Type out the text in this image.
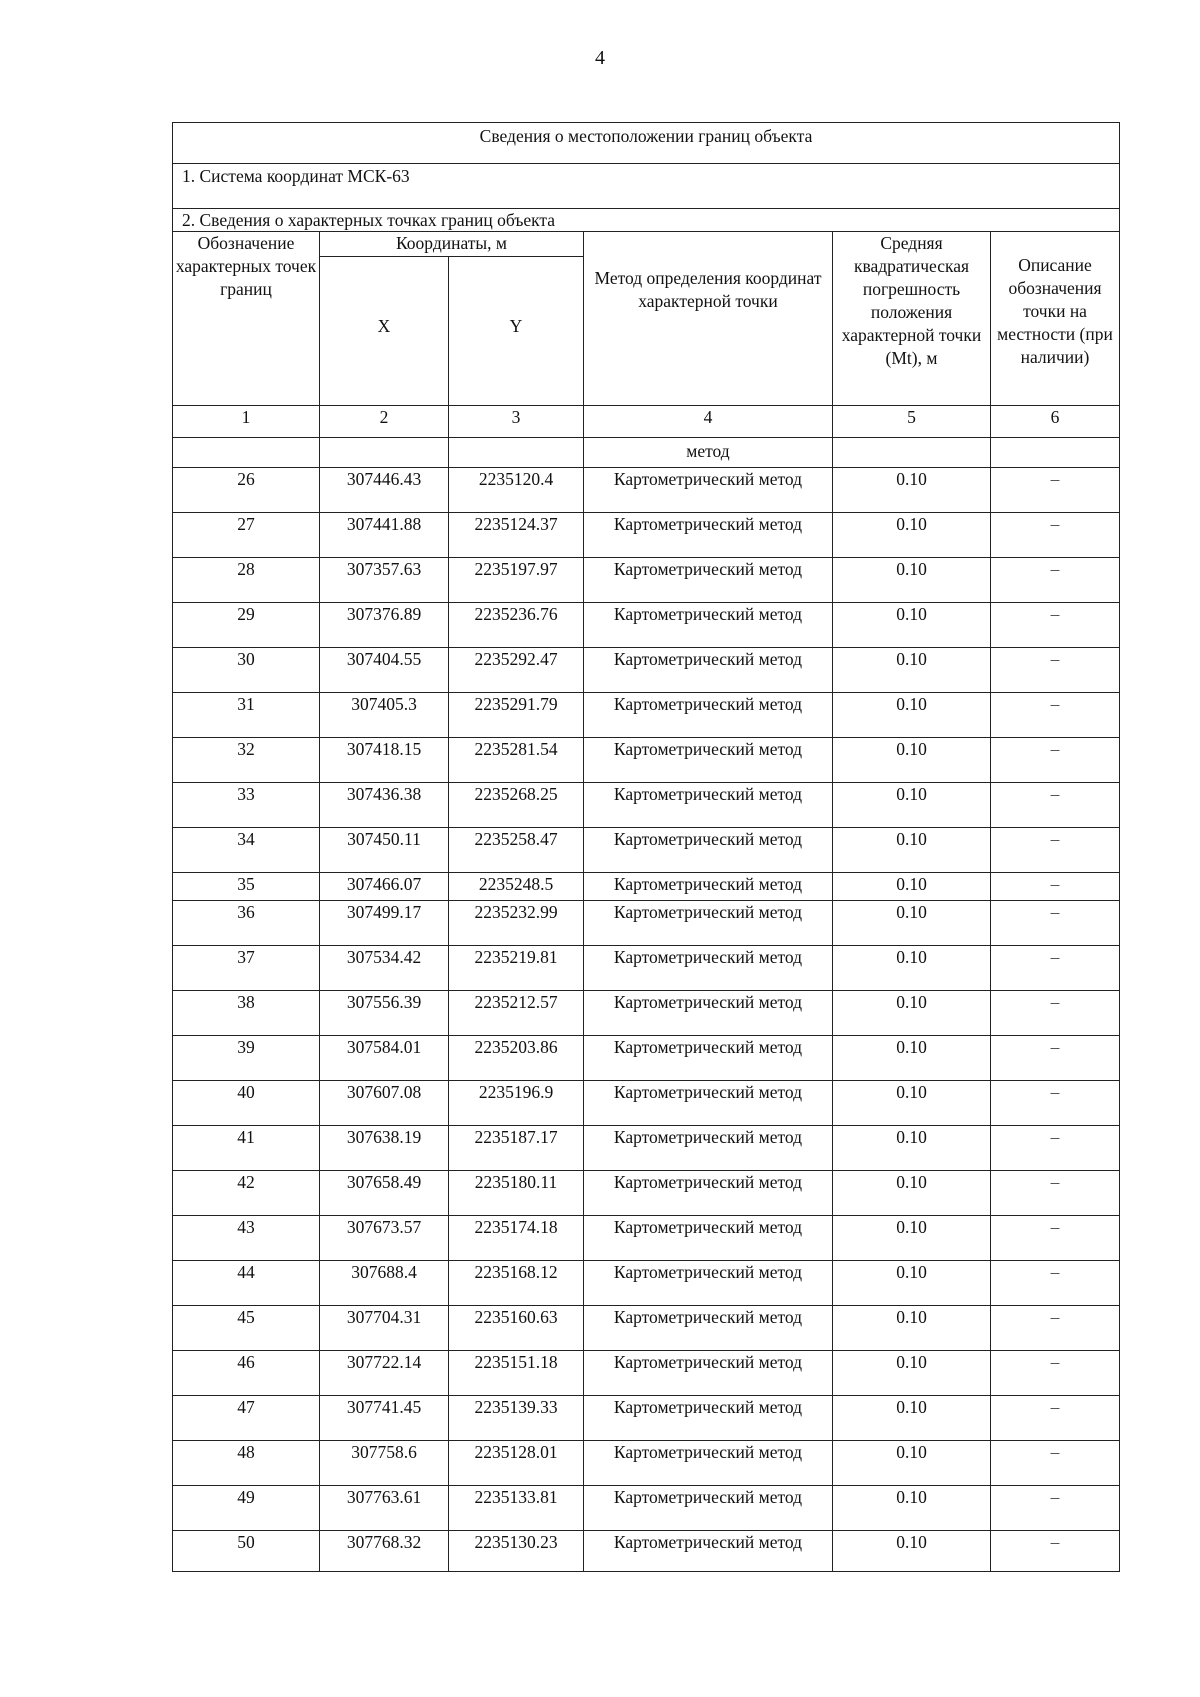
4
Сведения о местоположении границ объекта					
1. Система координат МСК-63					
2. Сведения о характерных точках границ объекта					
Обозначение характерных точек границ	Координаты, м		Метод определения координат характерной точки	Средняя квадратическая погрешность положения характерной точки (Mt), м	Описание обозначения точки на местности (при наличии)
	X	Y			
1	2	3	4	5	6
			метод		
26	307446.43	2235120.4	Картометрический метод	0.10	–
27	307441.88	2235124.37	Картометрический метод	0.10	–
28	307357.63	2235197.97	Картометрический метод	0.10	–
29	307376.89	2235236.76	Картометрический метод	0.10	–
30	307404.55	2235292.47	Картометрический метод	0.10	–
31	307405.3	2235291.79	Картометрический метод	0.10	–
32	307418.15	2235281.54	Картометрический метод	0.10	–
33	307436.38	2235268.25	Картометрический метод	0.10	–
34	307450.11	2235258.47	Картометрический метод	0.10	–
35	307466.07	2235248.5	Картометрический метод	0.10	–
36	307499.17	2235232.99	Картометрический метод	0.10	–
37	307534.42	2235219.81	Картометрический метод	0.10	–
38	307556.39	2235212.57	Картометрический метод	0.10	–
39	307584.01	2235203.86	Картометрический метод	0.10	–
40	307607.08	2235196.9	Картометрический метод	0.10	–
41	307638.19	2235187.17	Картометрический метод	0.10	–
42	307658.49	2235180.11	Картометрический метод	0.10	–
43	307673.57	2235174.18	Картометрический метод	0.10	–
44	307688.4	2235168.12	Картометрический метод	0.10	–
45	307704.31	2235160.63	Картометрический метод	0.10	–
46	307722.14	2235151.18	Картометрический метод	0.10	–
47	307741.45	2235139.33	Картометрический метод	0.10	–
48	307758.6	2235128.01	Картометрический метод	0.10	–
49	307763.61	2235133.81	Картометрический метод	0.10	–
50	307768.32	2235130.23	Картометрический метод	0.10	–
